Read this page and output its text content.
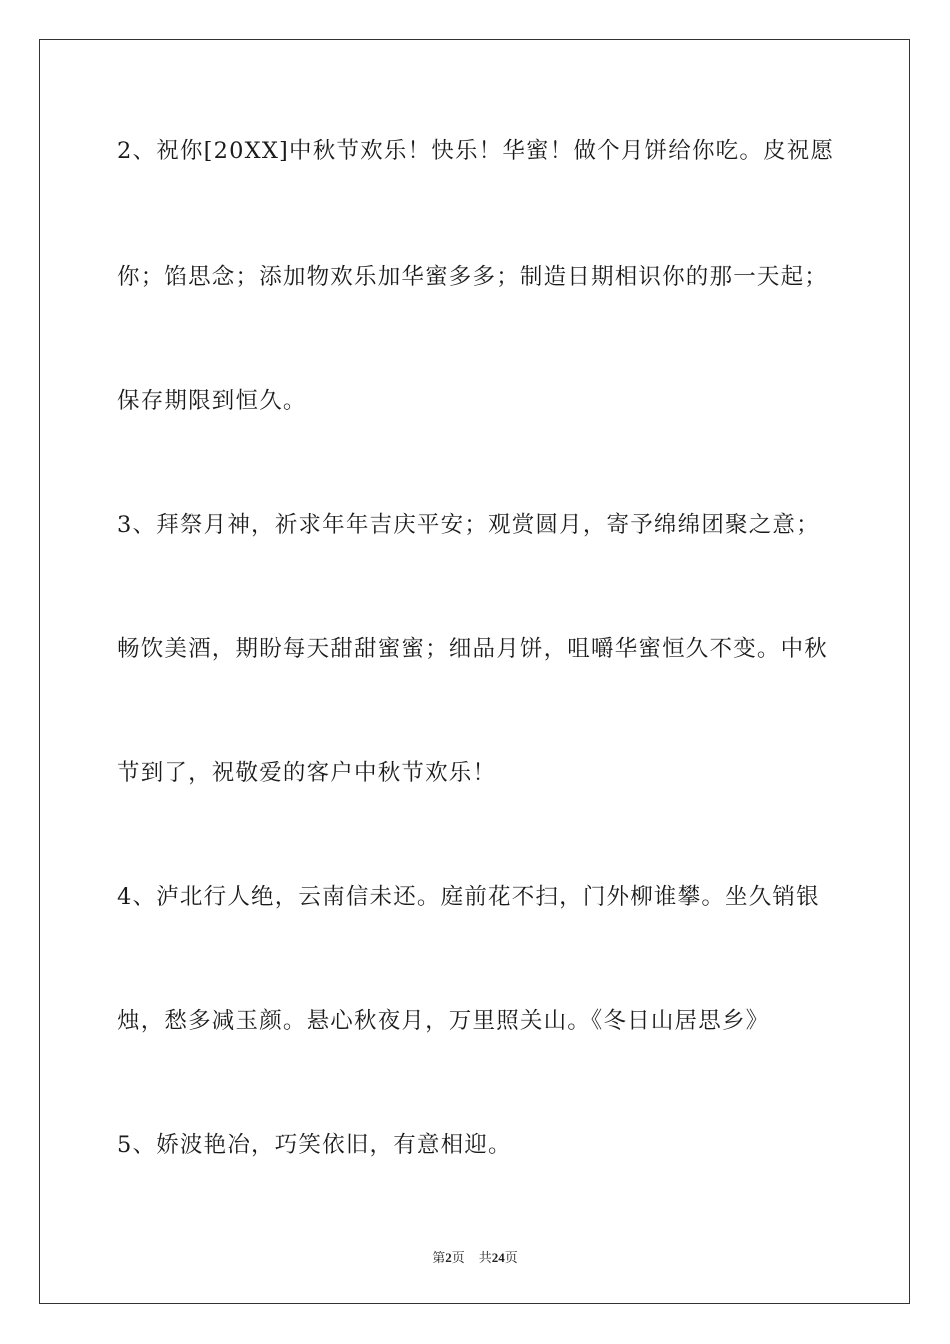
2、祝你[20XX]中秋节欢乐！快乐！华蜜！做个月饼给你吃。皮祝愿
你；馅思念；添加物欢乐加华蜜多多；制造日期相识你的那一天起；
保存期限到恒久。
3、拜祭月神，祈求年年吉庆平安；观赏圆月，寄予绵绵团聚之意；
畅饮美酒，期盼每天甜甜蜜蜜；细品月饼，咀嚼华蜜恒久不变。中秋
节到了，祝敬爱的客户中秋节欢乐！
4、泸北行人绝，云南信未还。庭前花不扫，门外柳谁攀。坐久销银
烛，愁多减玉颜。悬心秋夜月，万里照关山。《冬日山居思乡》
5、娇波艳冶，巧笑依旧，有意相迎。
第2页 共24页
